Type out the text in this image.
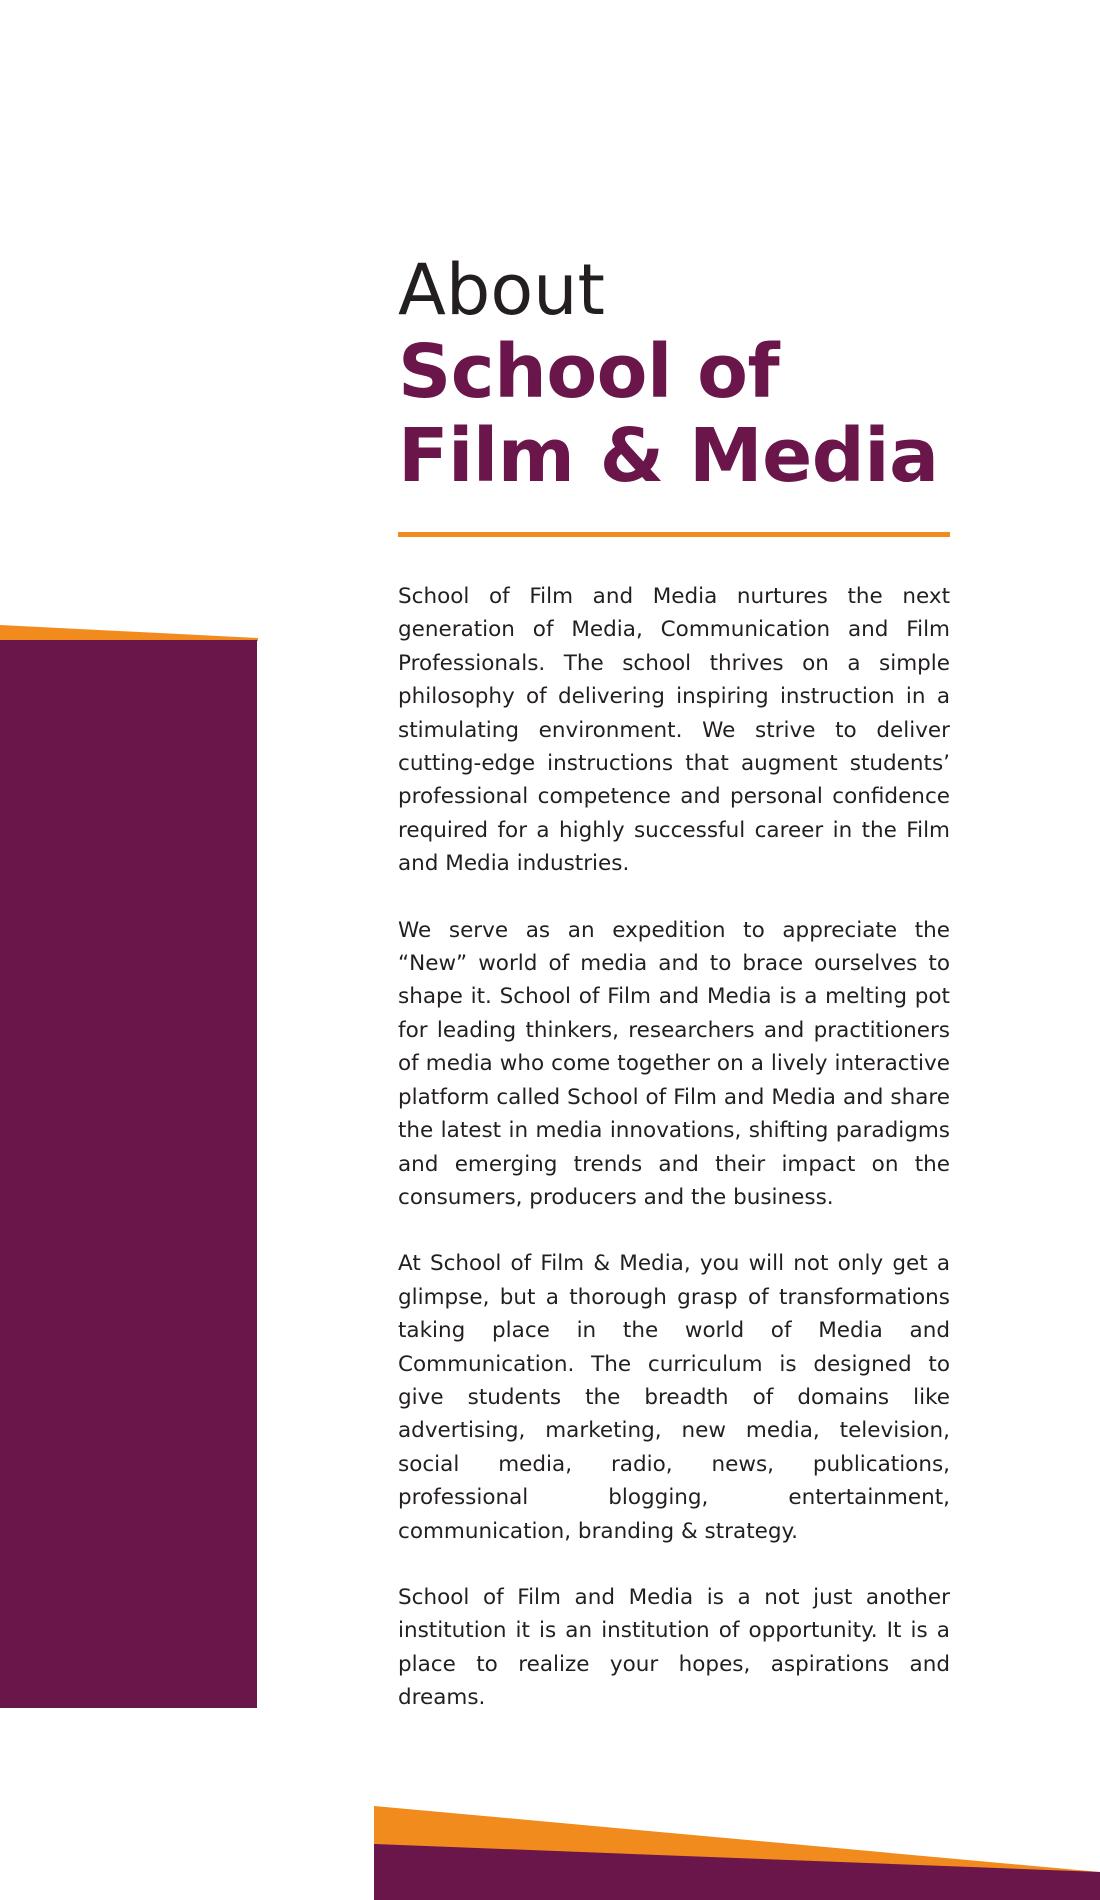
About
School of
Film & Media

School of Film and Media nurtures the next generation of Media, Communication and Film Professionals. The school thrives on a simple philosophy of delivering inspiring instruction in a stimulating environment. We strive to deliver cutting-edge instructions that augment students’ professional competence and personal confidence required for a highly successful career in the Film and Media industries.

We serve as an expedition to appreciate the “New” world of media and to brace ourselves to shape it. School of Film and Media is a melting pot for leading thinkers, researchers and practitioners of media who come together on a lively interactive platform called School of Film and Media and share the latest in media innovations, shifting paradigms and emerging trends and their impact on the consumers, producers and the business.

At School of Film & Media, you will not only get a glimpse, but a thorough grasp of transformations taking place in the world of Media and Communication. The curriculum is designed to give students the breadth of domains like advertising, marketing, new media, television, social media, radio, news, publications, professional blogging, entertainment, communication, branding & strategy.

School of Film and Media is a not just another institution it is an institution of opportunity. It is a place to realize your hopes, aspirations and dreams.
